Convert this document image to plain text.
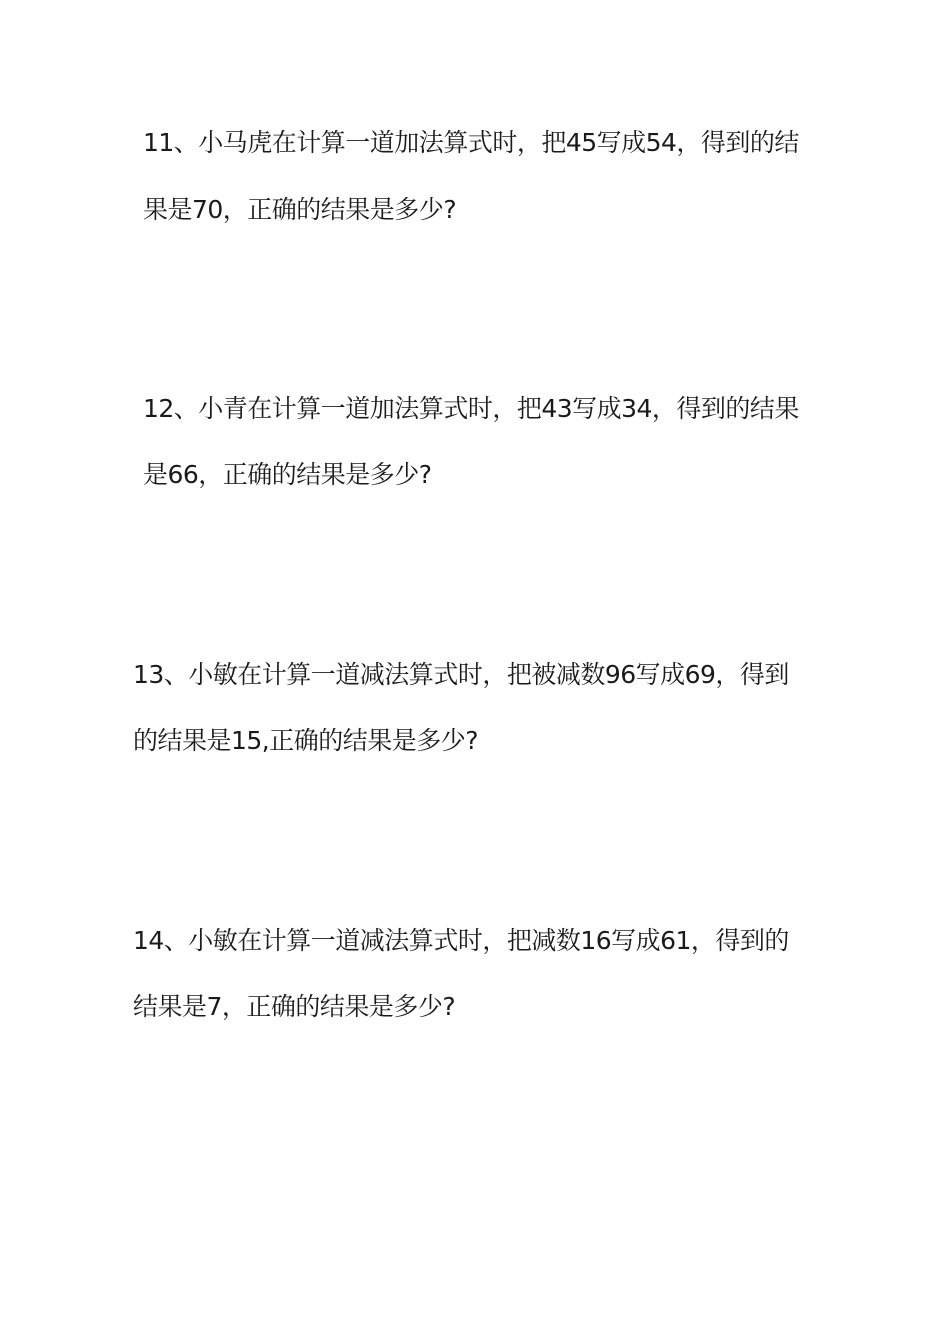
11、小马虎在计算一道加法算式时，把45写成54，得到的结
果是70，正确的结果是多少?
12、小青在计算一道加法算式时，把43写成34，得到的结果
是66，正确的结果是多少?
13、小敏在计算一道减法算式时，把被减数96写成69，得到
的结果是15,正确的结果是多少?
14、小敏在计算一道减法算式时，把减数16写成61，得到的
结果是7，正确的结果是多少?
